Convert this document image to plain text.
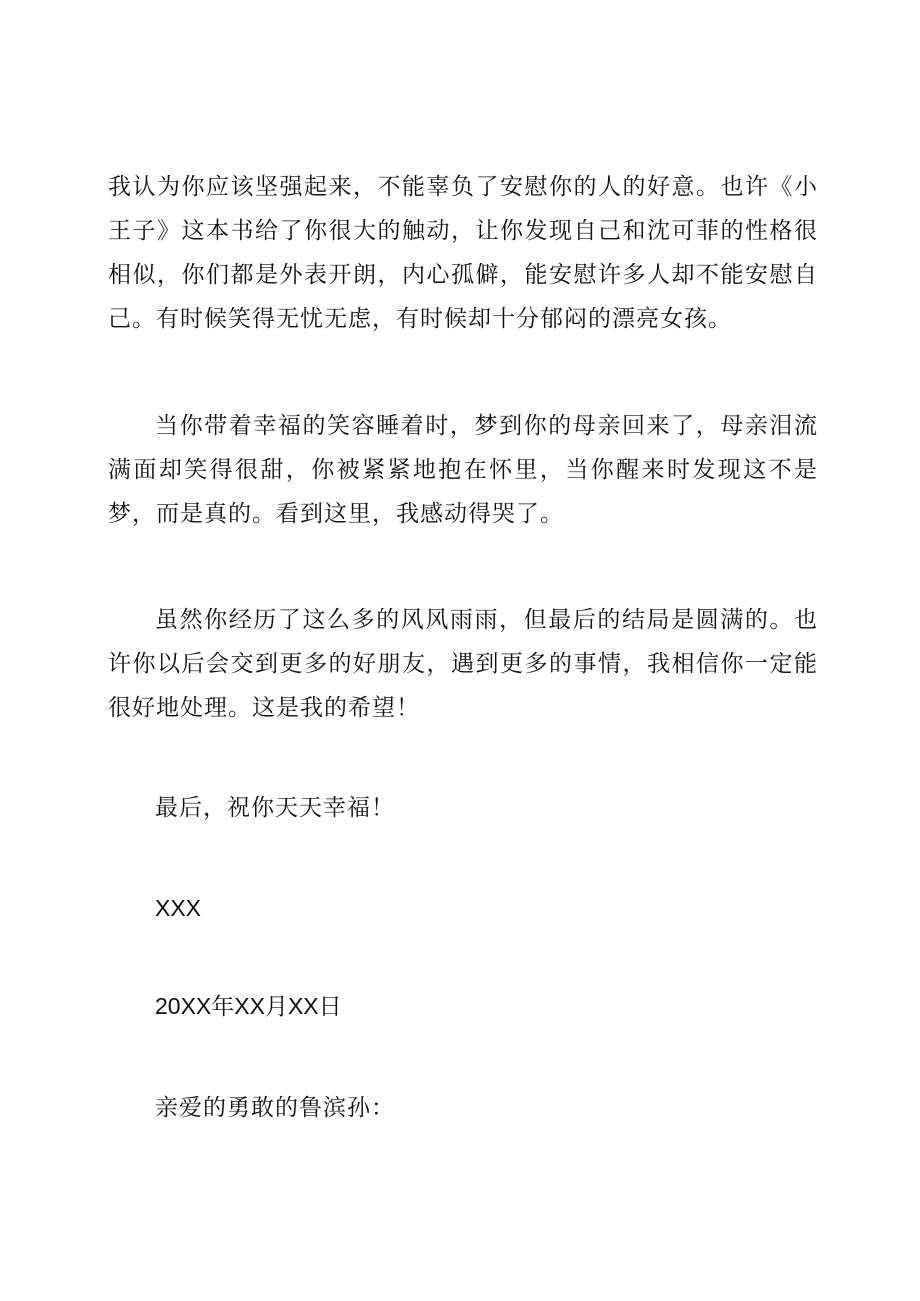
我认为你应该坚强起来，不能辜负了安慰你的人的好意。也许《小王子》这本书给了你很大的触动，让你发现自己和沈可菲的性格很相似，你们都是外表开朗，内心孤僻，能安慰许多人却不能安慰自己。有时候笑得无忧无虑，有时候却十分郁闷的漂亮女孩。

当你带着幸福的笑容睡着时，梦到你的母亲回来了，母亲泪流满面却笑得很甜，你被紧紧地抱在怀里，当你醒来时发现这不是梦，而是真的。看到这里，我感动得哭了。

虽然你经历了这么多的风风雨雨，但最后的结局是圆满的。也许你以后会交到更多的好朋友，遇到更多的事情，我相信你一定能很好地处理。这是我的希望！

最后，祝你天天幸福！

XXX

20XX年XX月XX日

亲爱的勇敢的鲁滨孙：
